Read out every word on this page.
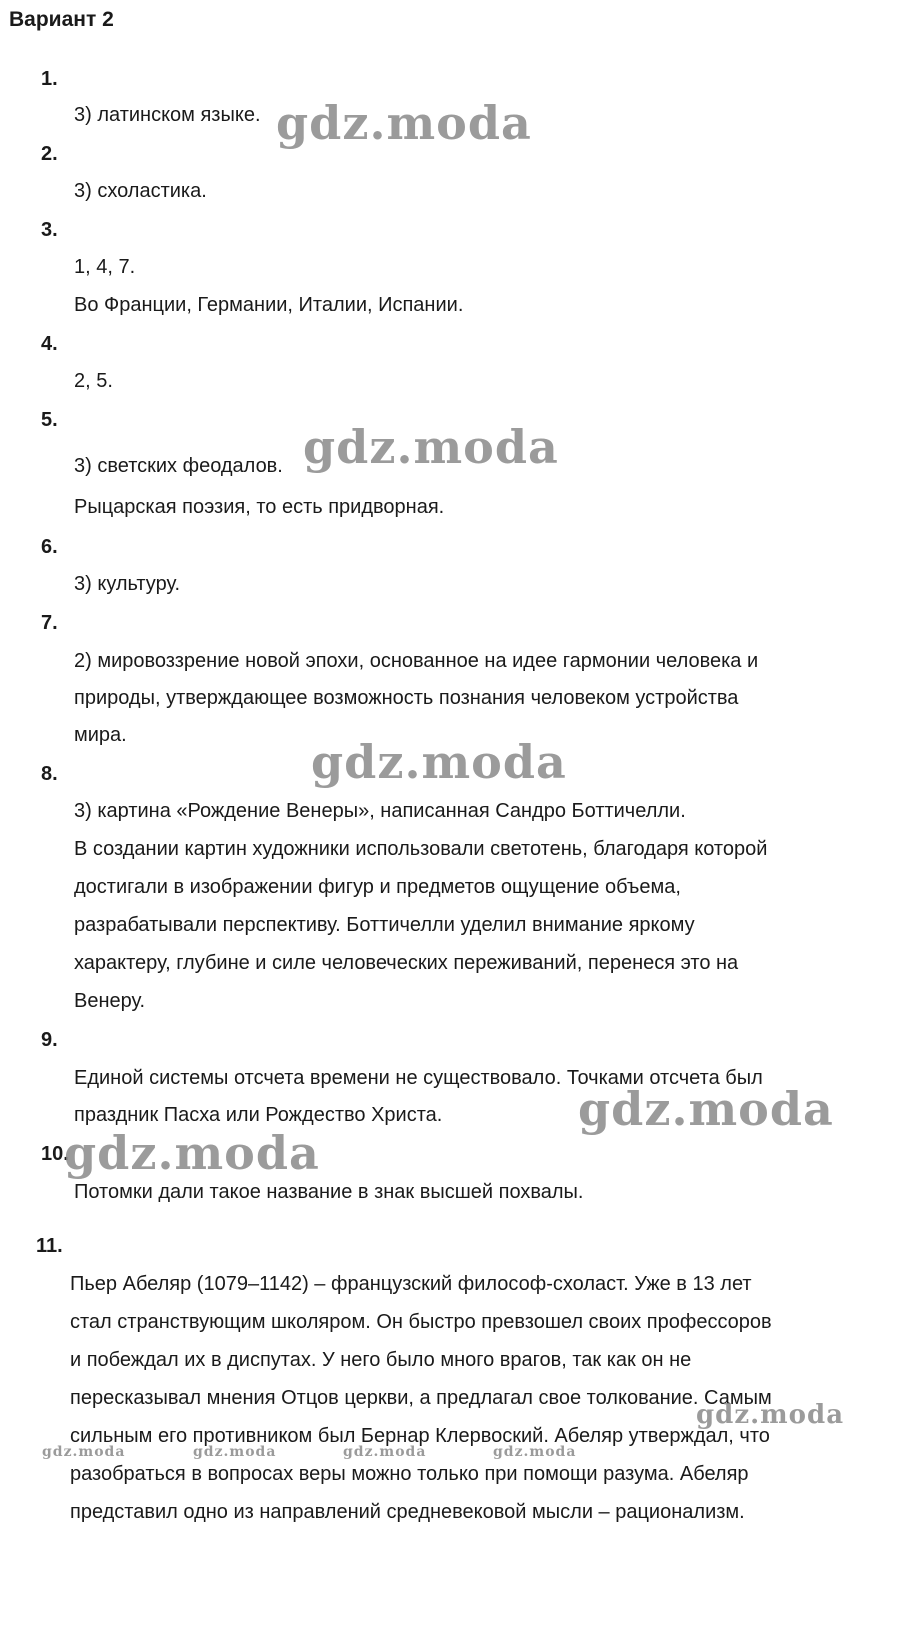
Вариант 2
1.
3) латинском языке.
2.
3) схоластика.
3.
1, 4, 7.
Во Франции, Германии, Италии, Испании.
4.
2, 5.
5.
3) светских феодалов.
Рыцарская поэзия, то есть придворная.
6.
3) культуру.
7.
2) мировоззрение новой эпохи, основанное на идее гармонии человека и
природы, утверждающее возможность познания человеком устройства
мира.
8.
3) картина «Рождение Венеры», написанная Сандро Боттичелли.
В создании картин художники использовали светотень, благодаря которой
достигали в изображении фигур и предметов ощущение объема,
разрабатывали перспективу. Боттичелли уделил внимание яркому
характеру, глубине и силе человеческих переживаний, перенеся это на
Венеру.
9.
Единой системы отсчета времени не существовало. Точками отсчета был
праздник Пасха или Рождество Христа.
10.
Потомки дали такое название в знак высшей похвалы.
11.
Пьер Абеляр (1079–1142) – французский философ-схоласт. Уже в 13 лет
стал странствующим школяром. Он быстро превзошел своих профессоров
и побеждал их в диспутах. У него было много врагов, так как он не
пересказывал мнения Отцов церкви, а предлагал свое толкование. Самым
сильным его противником был Бернар Клервоский. Абеляр утверждал, что
разобраться в вопросах веры можно только при помощи разума. Абеляр
представил одно из направлений средневековой мысли – рационализм.
gdz.moda
gdz.moda
gdz.moda
gdz.moda
gdz.moda
gdz.moda
gdz.moda	gdz.moda	gdz.moda	gdz.moda
